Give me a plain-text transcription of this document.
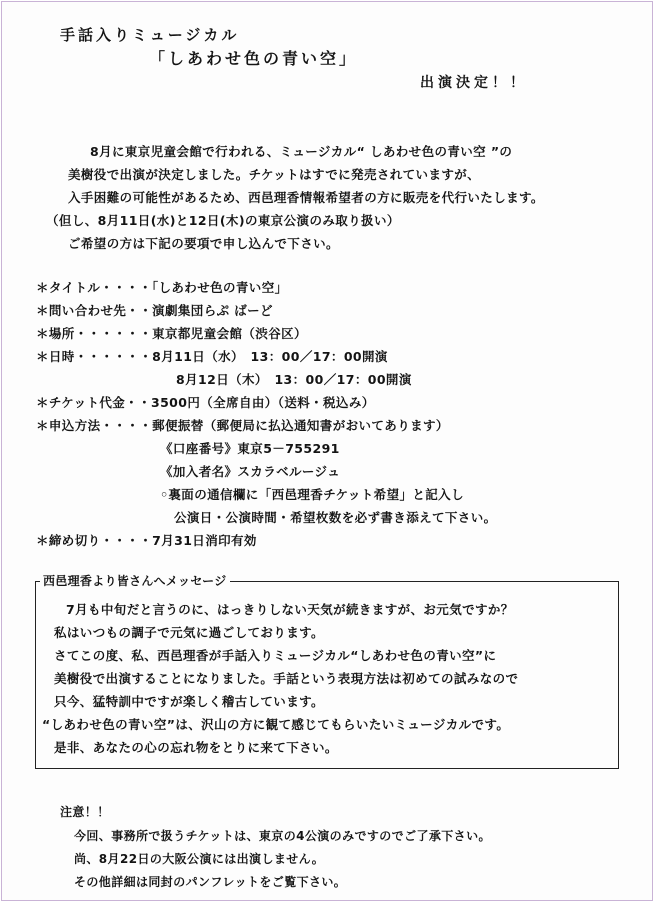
手話入りミュージカル
「しあわせ色の青い空」
出演決定！！
8月に東京児童会館で行われる、ミュージカル“ しあわせ色の青い空 ”の
美樹役で出演が決定しました。チケットはすでに発売されていますが、
入手困難の可能性があるため、西邑理香情報希望者の方に販売を代行いたします。
（但し、8月11日(水)と12日(木)の東京公演のみ取り扱い）
ご希望の方は下記の要項で申し込んで下さい。
＊タイトル・・・・「しあわせ色の青い空」
＊問い合わせ先・・演劇集団らぷ ばーど
＊場所・・・・・・東京都児童会館（渋谷区）
＊日時・・・・・・8月11日（水）　13：00／17：00開演
8月12日（木）　13：00／17：00開演
＊チケット代金・・3500円（全席自由）（送料・税込み）
＊申込方法・・・・郵便振替（郵便局に払込通知書がおいてあります）
《口座番号》東京5－755291
《加入者名》スカラベルージュ
◦裏面の通信欄に「西邑理香チケット希望」と記入し
公演日・公演時間・希望枚数を必ず書き添えて下さい。
＊締め切り・・・・7月31日消印有効
西邑理香より皆さんへメッセージ
7月も中旬だと言うのに、はっきりしない天気が続きますが、お元気ですか？
私はいつもの調子で元気に過ごしております。
さてこの度、私、西邑理香が手話入りミュージカル“しあわせ色の青い空”に
美樹役で出演することになりました。手話という表現方法は初めての試みなので
只今、猛特訓中ですが楽しく稽古しています。
“しあわせ色の青い空”は、沢山の方に観て感じてもらいたいミュージカルです。
是非、あなたの心の忘れ物をとりに来て下さい。
注意！！
今回、事務所で扱うチケットは、東京の4公演のみですのでご了承下さい。
尚、8月22日の大阪公演には出演しません。
その他詳細は同封のパンフレットをご覧下さい。
